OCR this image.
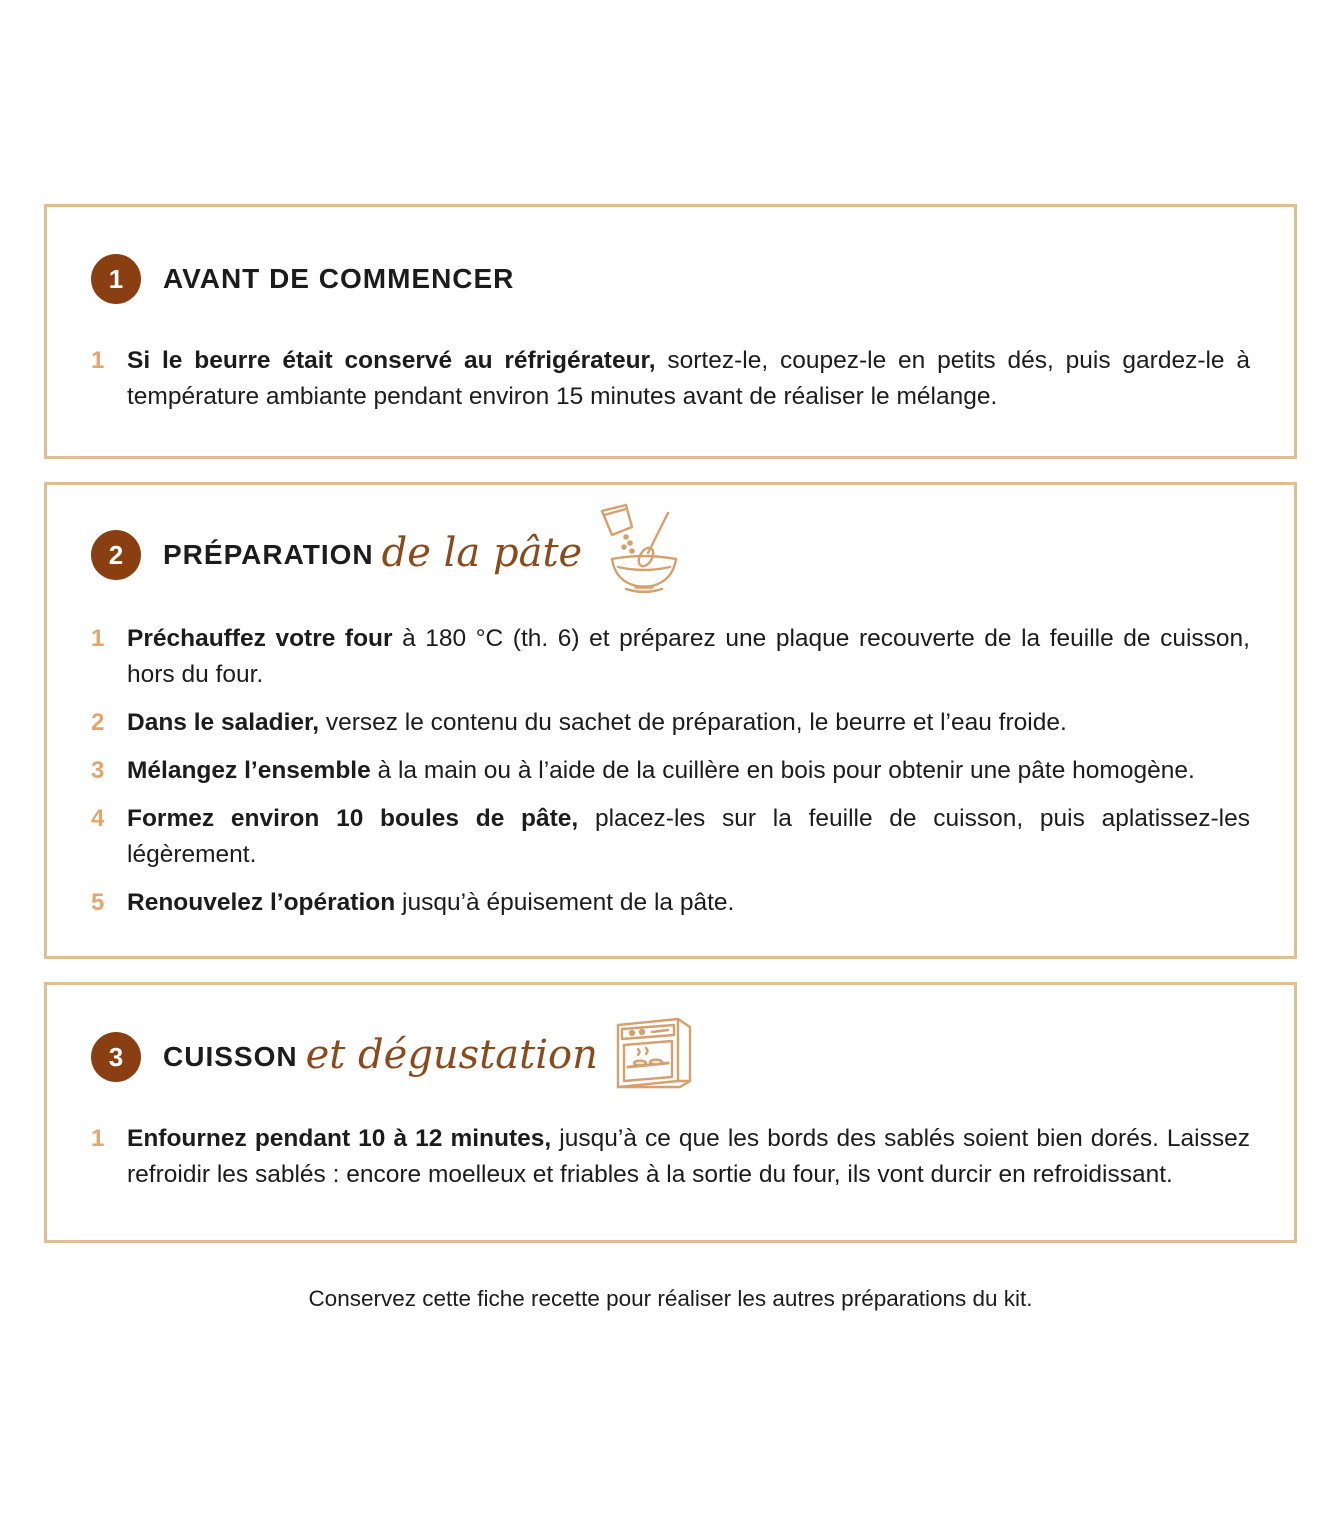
1	AVANT DE COMMENCER
1 Si le beurre était conservé au réfrigérateur, sortez-le, coupez-le en petits dés, puis gardez-le à température ambiante pendant environ 15 minutes avant de réaliser le mélange.
2	PRÉPARATION de la pâte
1 Préchauffez votre four à 180 °C (th. 6) et préparez une plaque recouverte de la feuille de cuisson, hors du four.
2 Dans le saladier, versez le contenu du sachet de préparation, le beurre et l’eau froide.
3 Mélangez l’ensemble à la main ou à l’aide de la cuillère en bois pour obtenir une pâte homogène.
4 Formez environ 10 boules de pâte, placez-les sur la feuille de cuisson, puis aplatissez-les légèrement.
5 Renouvelez l’opération jusqu’à épuisement de la pâte.
3	CUISSON et dégustation
1 Enfournez pendant 10 à 12 minutes, jusqu’à ce que les bords des sablés soient bien dorés. Laissez refroidir les sablés : encore moelleux et friables à la sortie du four, ils vont durcir en refroidissant.
Conservez cette fiche recette pour réaliser les autres préparations du kit.
